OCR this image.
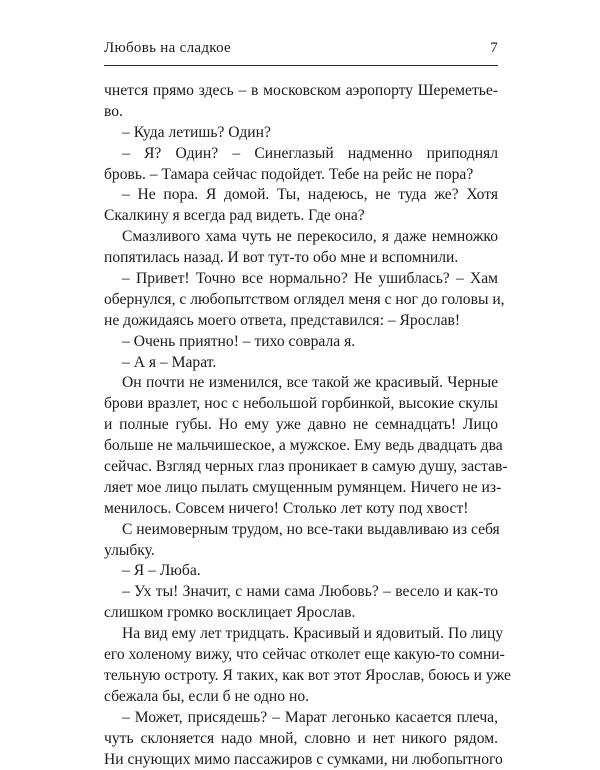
Любовь на сладкое	7
чнется прямо здесь – в московском аэропорту Шереметье-
во.
– Куда летишь? Один?
– Я? Один? – Синеглазый надменно приподнял
бровь. – Тамара сейчас подойдет. Тебе на рейс не пора?
– Не пора. Я домой. Ты, надеюсь, не туда же? Хотя
Скалкину я всегда рад видеть. Где она?
Смазливого хама чуть не перекосило, я даже немножко
попятилась назад. И вот тут-то обо мне и вспомнили.
– Привет! Точно все нормально? Не ушиблась? – Хам
обернулся, с любопытством оглядел меня с ног до головы и,
не дожидаясь моего ответа, представился: – Ярослав!
– Очень приятно! – тихо соврала я.
– А я – Марат.
Он почти не изменился, все такой же красивый. Черные
брови вразлет, нос с небольшой горбинкой, высокие скулы
и полные губы. Но ему уже давно не семнадцать! Лицо
больше не мальчишеское, а мужское. Ему ведь двадцать два
сейчас. Взгляд черных глаз проникает в самую душу, застав-
ляет мое лицо пылать смущенным румянцем. Ничего не из-
менилось. Совсем ничего! Столько лет коту под хвост!
С неимоверным трудом, но все-таки выдавливаю из себя
улыбку.
– Я – Люба.
– Ух ты! Значит, с нами сама Любовь? – весело и как-то
слишком громко восклицает Ярослав.
На вид ему лет тридцать. Красивый и ядовитый. По лицу
его холеному вижу, что сейчас отколет еще какую-то сомни-
тельную остроту. Я таких, как вот этот Ярослав, боюсь и уже
сбежала бы, если б не одно но.
– Может, присядешь? – Марат легонько касается плеча,
чуть склоняется надо мной, словно и нет никого рядом.
Ни снующих мимо пассажиров с сумками, ни любопытного
